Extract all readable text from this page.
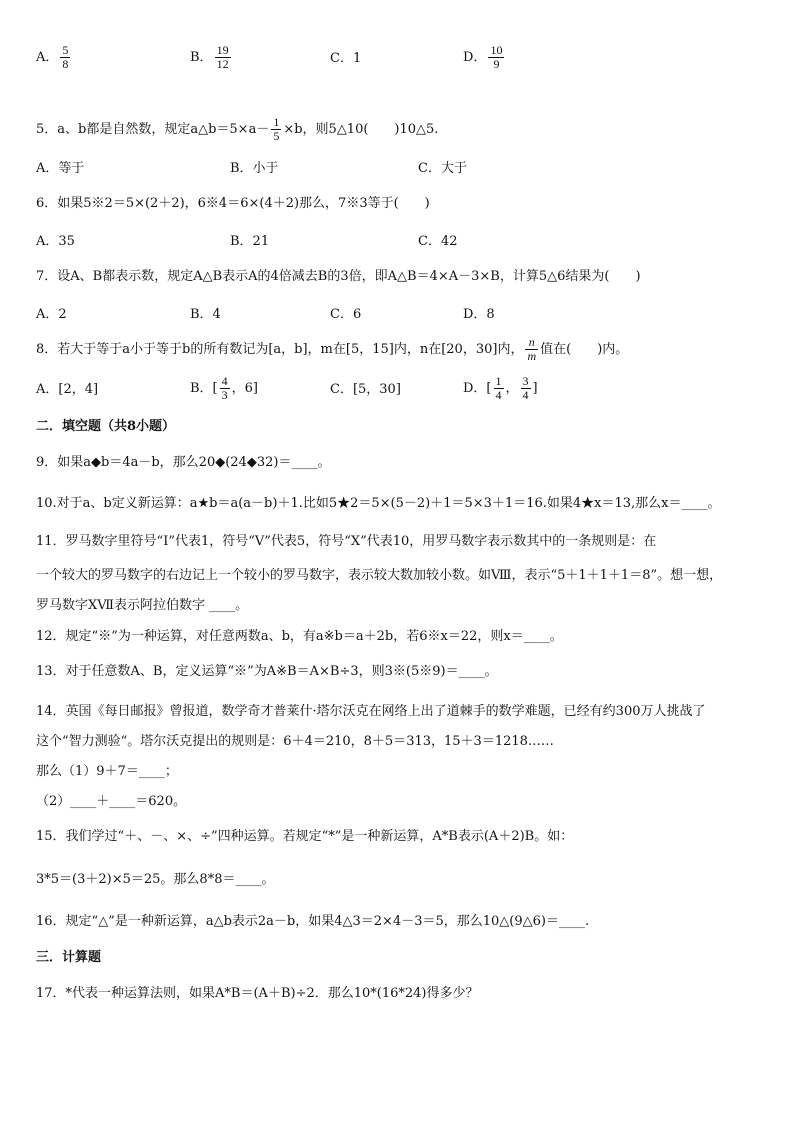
A． $\frac{5}{8}$	B． $\frac{19}{12}$	C．1	D． $\frac{10}{9}$
5．a、b都是自然数，规定a△b＝5×a－ $\frac{1}{5} \times b$，则5△10(　　)10△5.
A．等于	B．小于	C．大于
6．如果5※2＝5×(2＋2)，6※4＝6×(4＋2)那么，7※3等于(　　)
A．35	B．21	C．42
7．设A、B都表示数，规定A△B表示A的4倍减去B的3倍，即A△B＝4×A－3×B，计算5△6结果为(　　)
A．2	B．4	C．6	D．8
8．若大于等于a小于等于b的所有数记为[a，b]，m在[5，15]内，n在[20，30]内， $\frac{n}{m}$ 值在(　　)内。
A．[2，4]	B．[ $\frac{4}{3}$ ，6]	C．[5，30]	D．[ $\frac{1}{4}$ ， $\frac{3}{4}$ ]
二．填空题（共8小题）
9．如果a◆b＝4a－b，那么20◆(24◆32)＝____。
10.对于a、b定义新运算：a★b＝a(a－b)＋1.比如5★2＝5×(5－2)＋1＝5×3＋1＝16.如果4★x＝13,那么x＝____。
11．罗马数字里符号“Ⅰ”代表1，符号“Ⅴ”代表5，符号“Ⅹ”代表10，用罗马数字表示数其中的一条规则是：在
一个较大的罗马数字的右边记上一个较小的罗马数字，表示较大数加较小数。如Ⅷ，表示“5＋1＋1＋1＝8”。想一想，
罗马数字ⅩⅦ表示阿拉伯数字 ____。
12．规定“※”为一种运算，对任意两数a、b，有a※b＝a＋2b，若6※x＝22，则x＝____。
13．对于任意数A、B，定义运算“※”为A※B＝A×B÷3，则3※(5※9)＝____。
14．英国《每日邮报》曾报道，数学奇才普莱什·塔尔沃克在网络上出了道棘手的数学难题，已经有约300万人挑战了
这个“智力测验“。塔尔沃克提出的规则是：6＋4＝210，8＋5＝313，15＋3＝1218……
那么（1）9＋7＝____；
（2）____＋____＝620。
15．我们学过“＋、－、×、÷”四种运算。若规定“*”是一种新运算，A*B表示(A＋2)B。如：
3*5＝(3＋2)×5＝25。那么8*8＝____。
16．规定“△”是一种新运算，a△b表示2a－b，如果4△3＝2×4－3＝5，那么10△(9△6)＝____.
三．计算题
17．*代表一种运算法则，如果A*B＝(A＋B)÷2．那么10*(16*24)得多少？
